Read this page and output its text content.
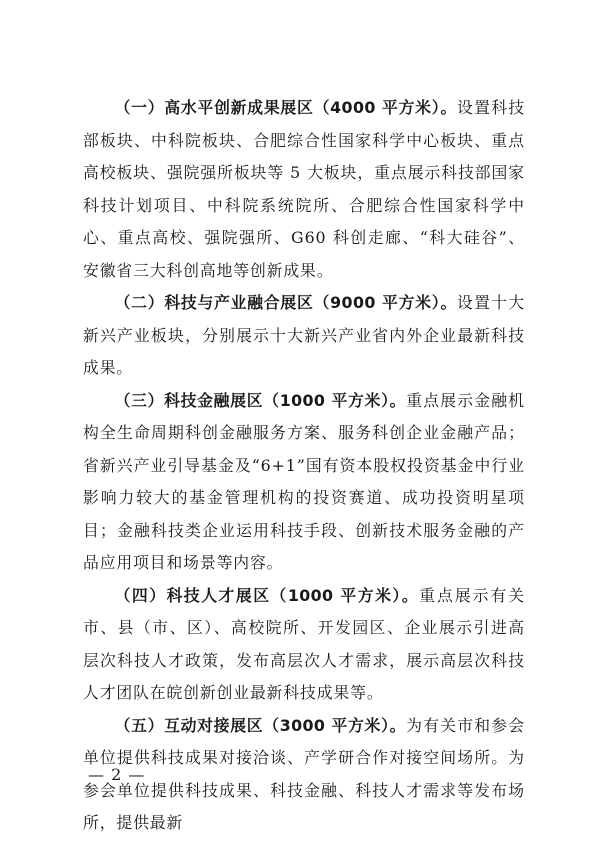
（一）高水平创新成果展区（4000 平方米）。设置科技部板块、中科院板块、合肥综合性国家科学中心板块、重点高校板块、强院强所板块等 5 大板块，重点展示科技部国家科技计划项目、中科院系统院所、合肥综合性国家科学中心、重点高校、强院强所、G60 科创走廊、“科大硅谷”、安徽省三大科创高地等创新成果。

（二）科技与产业融合展区（9000 平方米）。设置十大新兴产业板块，分别展示十大新兴产业省内外企业最新科技成果。

（三）科技金融展区（1000 平方米）。重点展示金融机构全生命周期科创金融服务方案、服务科创企业金融产品；省新兴产业引导基金及“6+1”国有资本股权投资基金中行业影响力较大的基金管理机构的投资赛道、成功投资明星项目；金融科技类企业运用科技手段、创新技术服务金融的产品应用项目和场景等内容。

（四）科技人才展区（1000 平方米）。重点展示有关市、县（市、区）、高校院所、开发园区、企业展示引进高层次科技人才政策，发布高层次人才需求，展示高层次科技人才团队在皖创新创业最新科技成果等。

（五）互动对接展区（3000 平方米）。为有关市和参会单位提供科技成果对接洽谈、产学研合作对接空间场所。为参会单位提供科技成果、科技金融、科技人才需求等发布场所，提供最新

— 2 —
